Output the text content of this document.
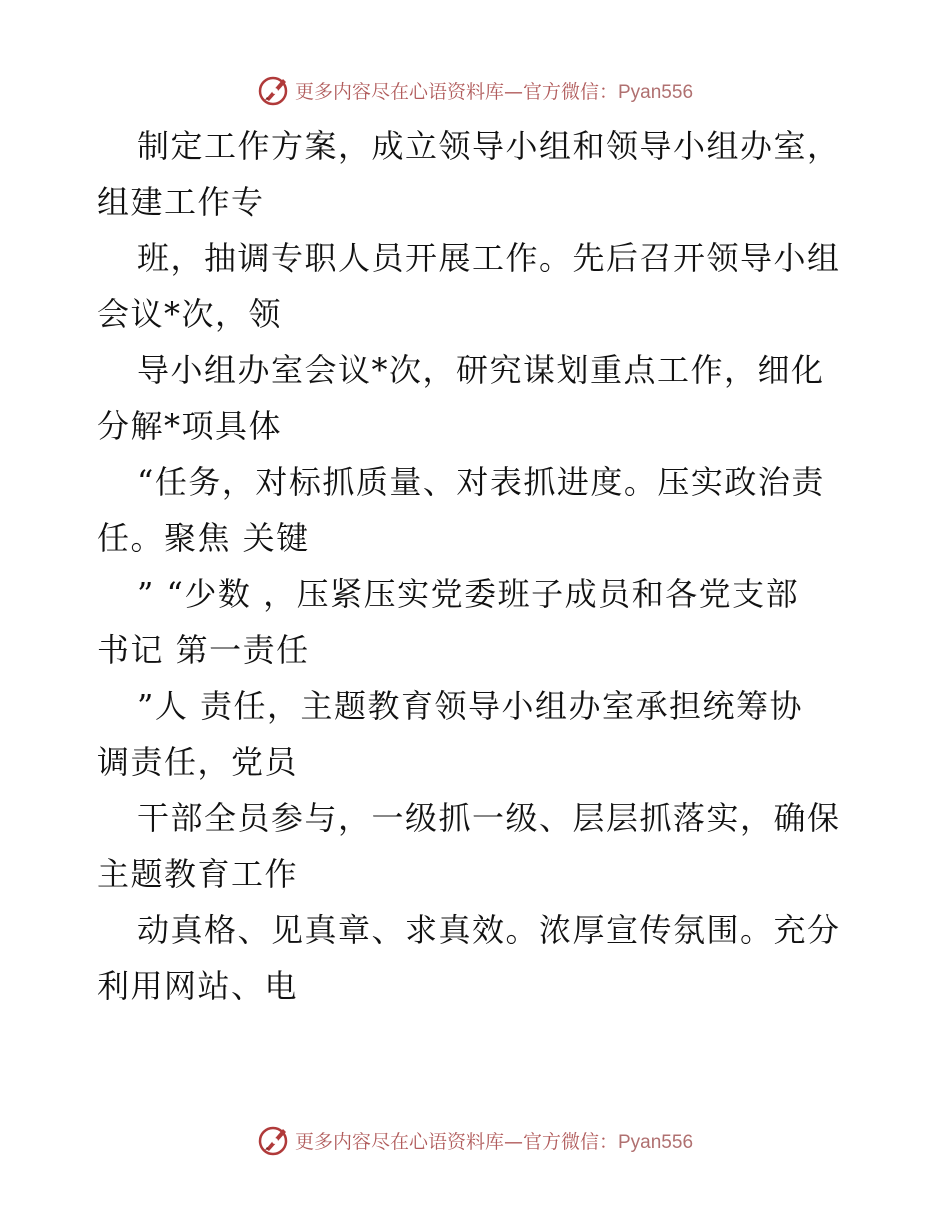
更多内容尽在心语资料库—官方微信：Pyan556
制定工作方案，成立领导小组和领导小组办室，
组建工作专
班，抽调专职人员开展工作。先后召开领导小组
会议*次，领
导小组办室会议*次，研究谋划重点工作，细化
分解*项具体
“任务，对标抓质量、对表抓进度。压实政治责
任。聚焦 关键
” “少数 ，压紧压实党委班子成员和各党支部
书记 第一责任
”人 责任，主题教育领导小组办室承担统筹协
调责任，党员
干部全员参与，一级抓一级、层层抓落实，确保
主题教育工作
动真格、见真章、求真效。浓厚宣传氛围。充分
利用网站、电
更多内容尽在心语资料库—官方微信：Pyan556
